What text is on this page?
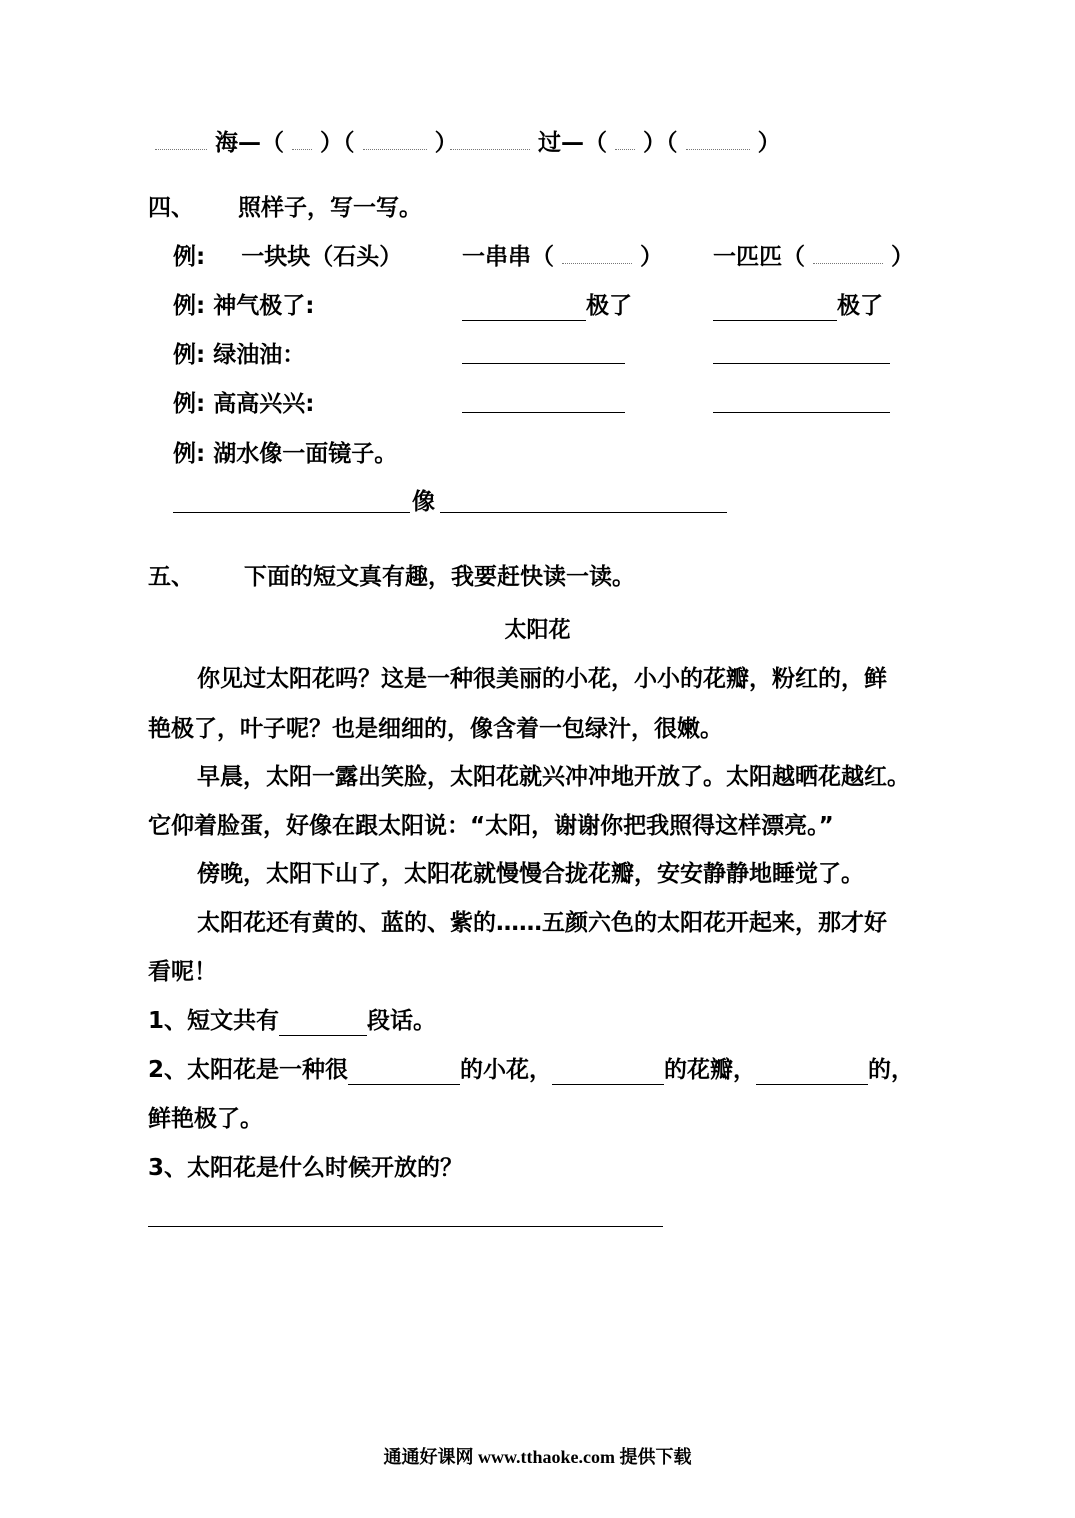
海—（ ）（	）	过—（ ）（	）
四、 照样子，写一写。
例: 一块块（石头）	一串串（	） 一匹匹（	）
例: 神气极了:	极了	极了
例: 绿油油：
例: 高高兴兴:
例: 湖水像一面镜子。
像
五、 下面的短文真有趣，我要赶快读一读。
太阳花
你见过太阳花吗？这是一种很美丽的小花，小小的花瓣，粉红的，鲜
艳极了，叶子呢？也是细细的，像含着一包绿汁，很嫩。
早晨，太阳一露出笑脸，太阳花就兴冲冲地开放了。太阳越晒花越红。
它仰着脸蛋，好像在跟太阳说：“太阳，谢谢你把我照得这样漂亮。”
傍晚，太阳下山了，太阳花就慢慢合拢花瓣，安安静静地睡觉了。
太阳花还有黄的、蓝的、紫的……五颜六色的太阳花开起来，那才好
看呢！
1、短文共有	段话。
2、太阳花是一种很	的小花，	的花瓣，	的，
鲜艳极了。
3、太阳花是什么时候开放的？
通通好课网 www.tthaoke.com 提供下载
